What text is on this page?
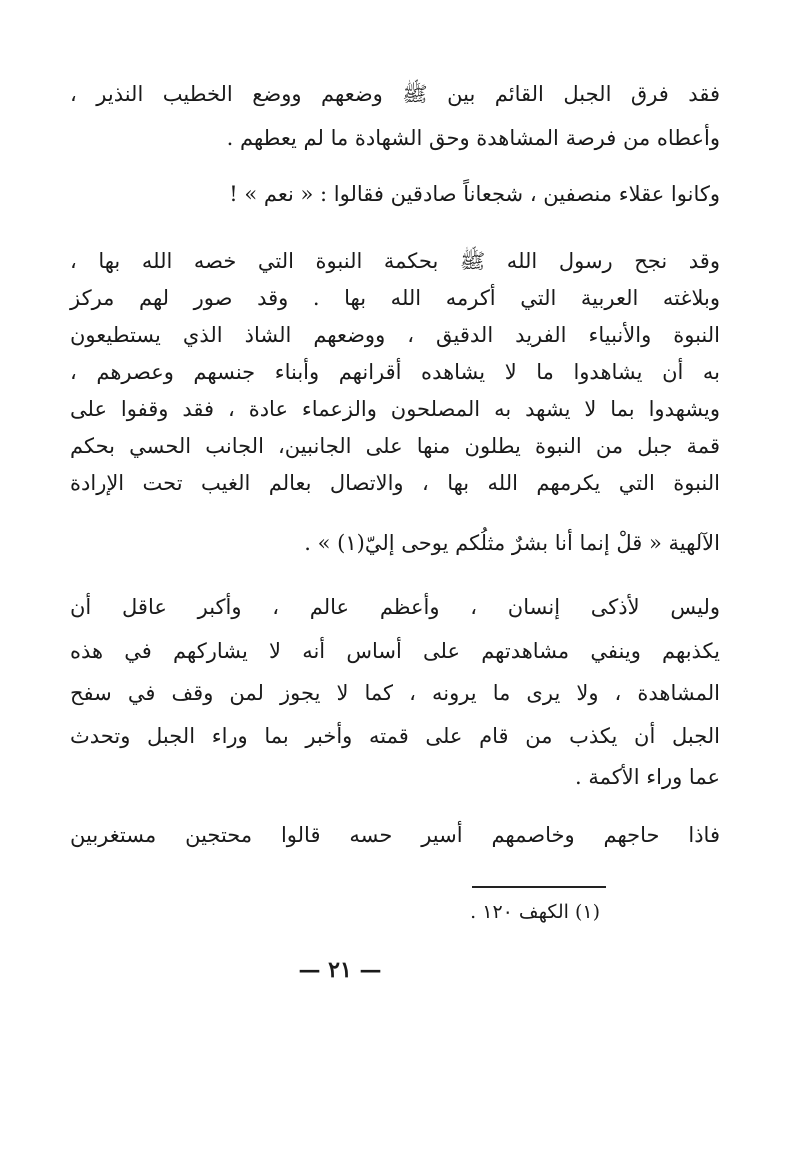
فقد فرق الجبل القائم بين ﷺ وضعهم ووضع الخطيب النذير ،
وأعطاه من فرصة المشاهدة وحق الشهادة ما لم يعطهم .
وكانوا عقلاء منصفين ، شجعاناً صادقين فقالوا : « نعم » !
وقد نجح رسول الله ﷺ بحكمة النبوة التي خصه الله بها ،
وبلاغته العربية التي أكرمه الله بها . وقد صور لهم مركز
النبوة والأنبياء الفريد الدقيق ، ووضعهم الشاذ الذي يستطيعون
به أن يشاهدوا ما لا يشاهده أقرانهم وأبناء جنسهم وعصرهم ،
ويشهدوا بما لا يشهد به المصلحون والزعماء عادة ، فقد وقفوا على
قمة جبل من النبوة يطلون منها على الجانبين، الجانب الحسي بحكم
النبوة التي يكرمهم الله بها ، والاتصال بعالم الغيب تحت الإرادة
الآلهية « قلْ إنما أنا بشرٌ مثلُكم يوحى إليّ(١) » .
وليس لأذكى إنسان ، وأعظم عالم ، وأكبر عاقل أن
يكذبهم وينفي مشاهدتهم على أساس أنه لا يشاركهم في هذه
المشاهدة ، ولا يرى ما يرونه ، كما لا يجوز لمن وقف في سفح
الجبل أن يكذب من قام على قمته وأخبر بما وراء الجبل وتحدث
عما وراء الأكمة .
فاذا حاجهم وخاصمهم أسير حسه قالوا محتجين مستغربين
(١) الكهف ١٢٠ .
— ٢١ —
